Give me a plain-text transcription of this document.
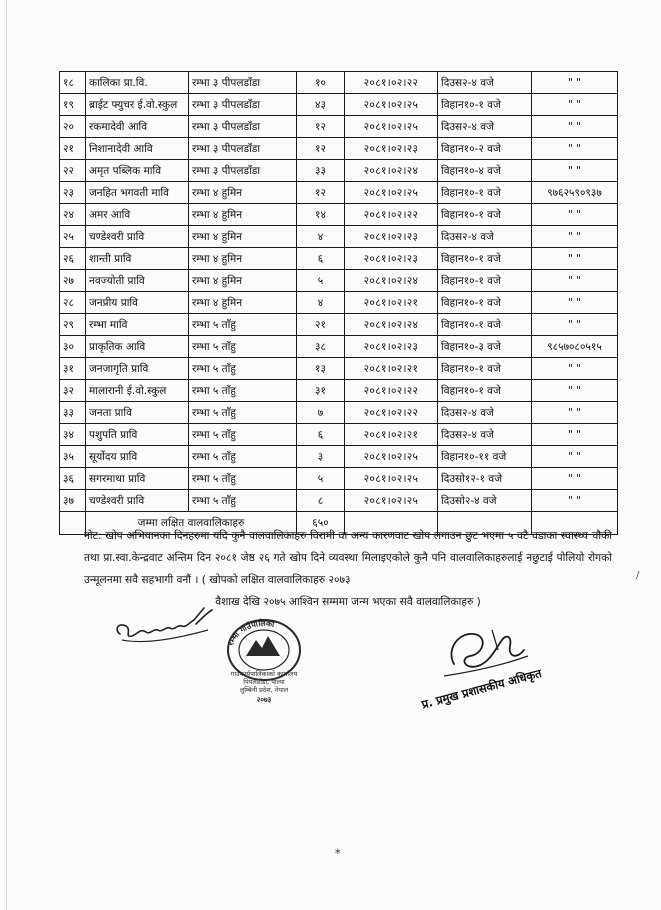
१८	कालिका प्रा.वि.	रम्भा ३ पीपलडाँडा	१०	२०८१।०२।२२	दिउस२-४ वजे	" "
१९	ब्राईट फ्युचर ई.वो.स्कुल	रम्भा ३ पीपलडाँडा	४३	२०८१।०२।२५	विहान१०-१ वजे	" "
२०	रकमादेवी आवि	रम्भा ३ पीपलडाँडा	१२	२०८१।०२।२५	दिउस२-४ वजे	" "
२१	निशानादेवी आवि	रम्भा ३ पीपलडाँडा	१२	२०८१।०२।२३	विहान१०-२ वजे	" "
२२	अमृत पब्लिक मावि	रम्भा ३ पीपलडाँडा	३३	२०८१।०२।२४	विहान१०-४ वजे	" "
२३	जनहित भगवती मावि	रम्भा ४ हुमिन	१२	२०८१।०२।२५	विहान१०-१ वजे	९७६२५९०९३७
२४	अमर आवि	रम्भा ४ हुमिन	१४	२०८१।०२।२२	विहान१०-१ वजे	" "
२५	चण्डेश्वरी प्रावि	रम्भा ४ हुमिन	४	२०८१।०२।२३	दिउस२-४ वजे	" "
२६	शान्ती प्रावि	रम्भा ४ हुमिन	६	२०८१।०२।२३	विहान१०-१ वजे	" "
२७	नवज्योती प्रावि	रम्भा ४ हुमिन	५	२०८१।०२।२४	विहान१०-१ वजे	" "
२८	जनप्रीय प्रावि	रम्भा ४ हुमिन	४	२०८१।०२।२१	विहान१०-१ वजे	" "
२९	रम्भा मावि	रम्भा ५ ताँहु	२१	२०८१।०२।२४	विहान१०-१ वजे	" "
३०	प्राकृतिक आवि	रम्भा ५ ताँहु	३८	२०८१।०२।२३	विहान१०-३ वजे	९८५७०८०५१५
३१	जनजागृति प्रावि	रम्भा ५ ताँहु	१३	२०८१।०२।२१	विहान१०-१ वजे	" "
३२	मालारानी ई.वो.स्कुल	रम्भा ५ ताँहु	३१	२०८१।०२।२२	विहान१०-१ वजे	" "
३३	जनता प्रावि	रम्भा ५ ताँहु	७	२०८१।०२।२२	दिउस२-४ वजे	" "
३४	पशुपति प्रावि	रम्भा ५ ताँहु	६	२०८१।०२।२१	दिउस२-४ वजे	" "
३५	सूर्योदय प्रावि	रम्भा ५ ताँहु	३	२०८१।०२।२५	विहान१०-११ वजे	" "
३६	सगरमाथा प्रावि	रम्भा ५ ताँहु	५	२०८१।०२।२५	दिउसो१२-१ वजे	" "
३७	चण्डेश्वरी प्रावि	रम्भा ५ ताँहु	८	२०८१।०२।२५	दिउसो२-४ वजे	" "
	जम्मा लक्षित वालवालिकाहरु		६५०			
नोट: खोप अभियानका दिनहरुमा यदि कुनै वालवालिकाहरु विरामी वा अन्य कारणवाट खोप लगाउन छुट भएमा ५ वटै वडाका स्वास्थ्य चौकी तथा प्रा.स्वा.केन्द्रवाट अन्तिम दिन २०८१ जेष्ठ २६ गते खोप दिने व्यवस्था मिलाइएकोले कुनै पनि वालवालिकाहरुलाई नछुटाई पोलियो रोगको उन्मूलनमा सवै सहभागी वनौं । ( खोपको लक्षित वालवालिकाहरु २०७३
वैशाख देखि २०७५ आश्विन सम्ममा जन्म भएका सवै वालवालिकाहरु )
रम्भा गाउँपालिका
गाउँकार्यपालिकाको कार्यालय
पिपलडाँडा, पाल्पा
लुम्बिनी प्रदेश, नेपाल
२०७३	प्र. प्रमुख प्रशासकीय अधिकृत
/
∗
